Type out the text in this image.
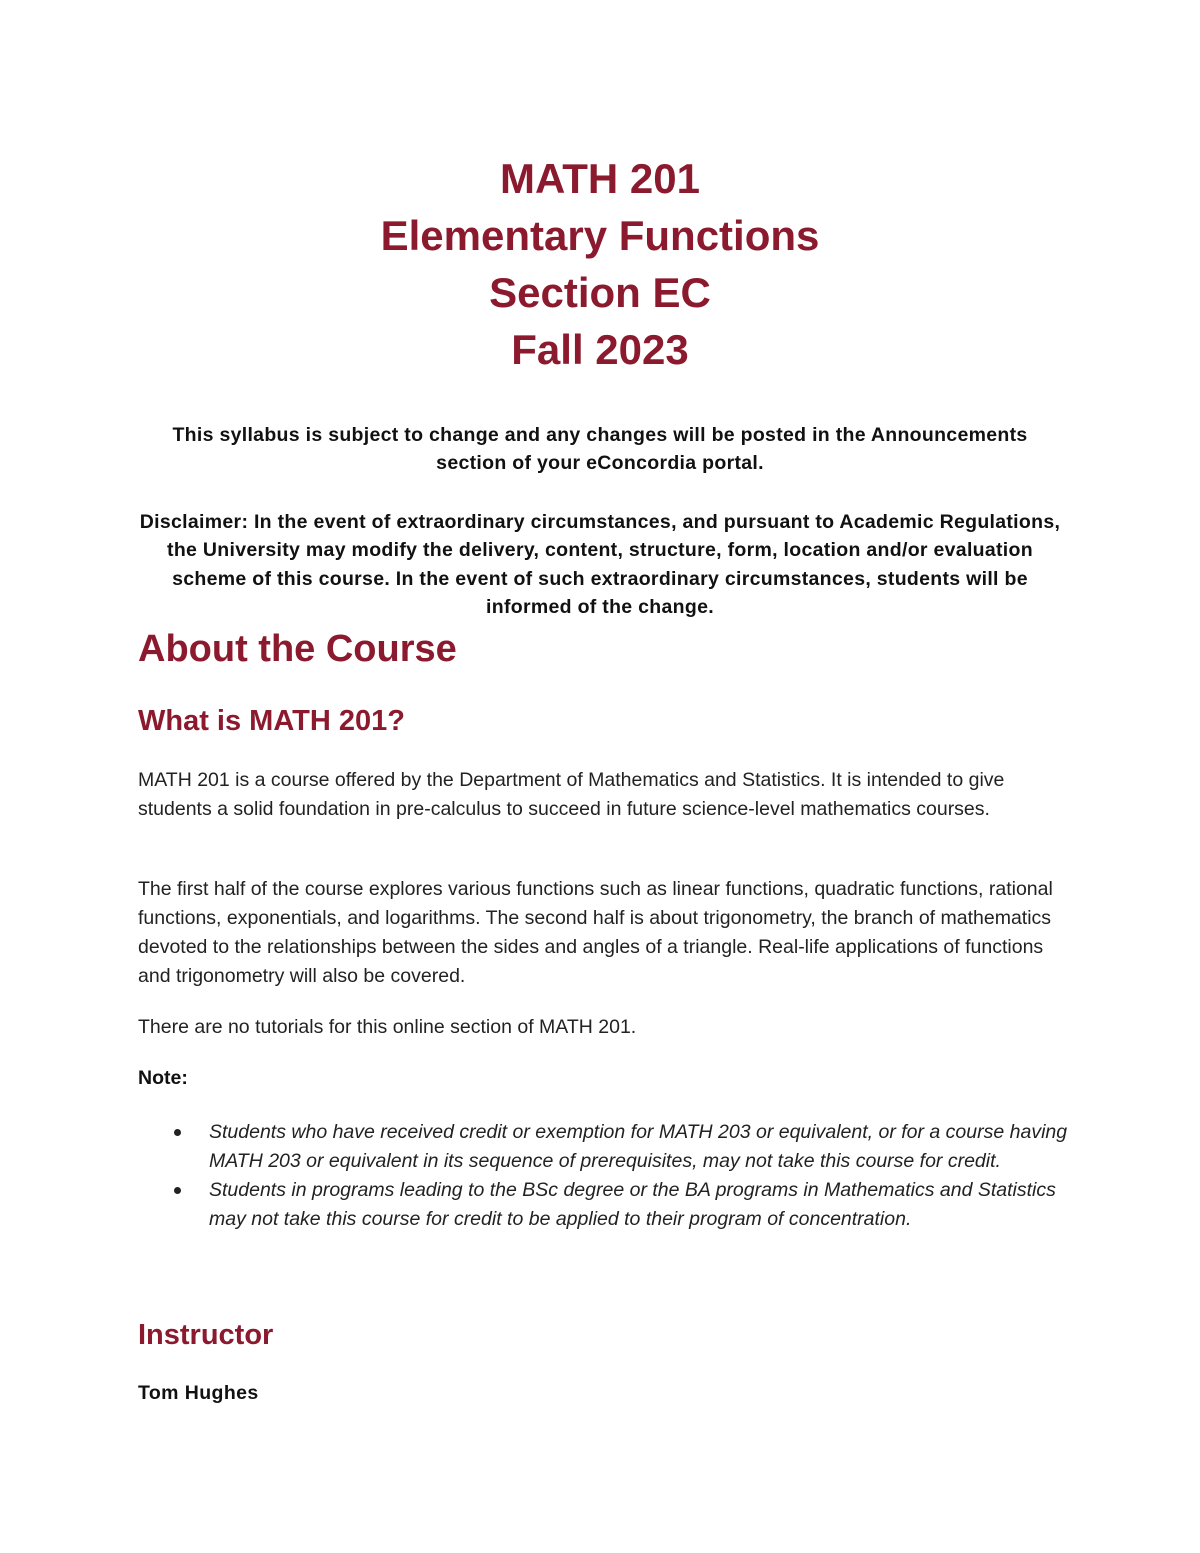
MATH 201
Elementary Functions
Section EC
Fall 2023

This syllabus is subject to change and any changes will be posted in the Announcements section of your eConcordia portal.

Disclaimer: In the event of extraordinary circumstances, and pursuant to Academic Regulations, the University may modify the delivery, content, structure, form, location and/or evaluation scheme of this course. In the event of such extraordinary circumstances, students will be informed of the change.

About the Course
What is MATH 201?

MATH 201 is a course offered by the Department of Mathematics and Statistics. It is intended to give students a solid foundation in pre-calculus to succeed in future science-level mathematics courses.

The first half of the course explores various functions such as linear functions, quadratic functions, rational functions, exponentials, and logarithms. The second half is about trigonometry, the branch of mathematics devoted to the relationships between the sides and angles of a triangle. Real-life applications of functions and trigonometry will also be covered.

There are no tutorials for this online section of MATH 201.

Note:

Students who have received credit or exemption for MATH 203 or equivalent, or for a course having MATH 203 or equivalent in its sequence of prerequisites, may not take this course for credit.
Students in programs leading to the BSc degree or the BA programs in Mathematics and Statistics may not take this course for credit to be applied to their program of concentration.
Instructor

Tom Hughes
